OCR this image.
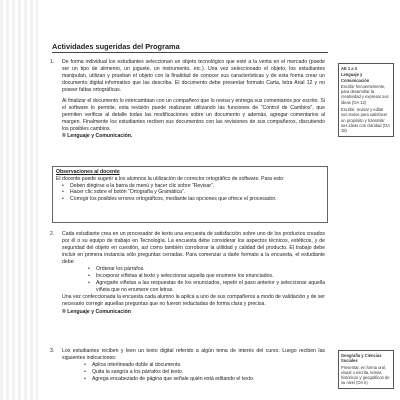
Actividades sugeridas del Programa
1.	De forma individual los estudiantes seleccionan un objeto tecnológico que esté a la venta en el mercado (puede ser un tipo de alimento, un juguete, un instrumento, etc.). Una vez seleccionado el objeto, los estudiantes manipulan, utilizan y prueban el objeto con la finalidad de conocer sus características y de esta forma crear un documento digital informativo que las describa. El documento debe presentar formato Carta, letra Arial 12 y no poseer faltas ortográficas.
Al finalizar el documento lo intercambian con un compañero que lo revisa y entrega sus comentarios por escrito. Si el software lo permite, esta revisión puede realizarse utilizando las funciones de “Control de Cambios”, que permiten verificar al detalle todas las modificaciones sobre un documento y además, agregar comentarios al margen. Finalmente los estudiantes reciben sus documentos con las revisiones de sus compañeros, discutiendo los posibles cambios.
® Lenguaje y Comunicación.
Observaciones al docente
El docente puede sugerir a los alumnos la utilización de corrector ortográfico de software. Para esto:
• Deben dirigirse a la barra de menú y hacer clic sobre “Revisar”.
• Hacer clic sobre el botón “Ortografía y Gramática”.
• Corregir los posibles errores ortográficos, mediante las opciones que ofrece el procesador.
2.	Cada estudiante crea en un procesador de texto una encuesta de satisfacción sobre uno de los productos creados por él o su equipo de trabajo en Tecnología. La encuesta debe considerar los aspectos técnicos, estéticos, y de seguridad del objeto en cuestión, así como también corroborar la utilidad y calidad del producto. El trabajo debe incluir en primera instancia sólo preguntas cerradas. Para comenzar a darle formato a la encuesta, el estudiante debe:
• Ordenar los párrafos.
• Incorporar viñetas al texto y seleccionar aquella que enumere los enunciados.
• Agregarle viñetas a las respuestas de los enunciados, repetir el paso anterior y seleccionar aquella viñeta que no enumere con letras.
Una vez confeccionada la encuesta cada alumno la aplica a uno de sus compañeros a modo de validación y de ser necesario corregir aquellas preguntas que no fueron redactadas de forma clara y precisa.
® Lenguaje y Comunicación
3.	Los estudiantes reciben y leen un texto digital referido a algún tema de interés del curso. Luego reciben las siguientes indicaciones:
• Aplica interlineado doble al documento.
• Quita la sangría a los párrafos del texto.
• Agrega encabezado de página que señale quién está editando el texto.
AE 1 a 3
Lenguaje y Comunicación
Escribir frecuentemente, para desarrollar la creatividad y expresar sus ideas (OA 13)
Escribir, revisar y editar sus textos para satisfacer un propósito y transmitir sus ideas con claridad (OA 18)
Geografía y Ciencias Sociales
Presentar, en forma oral, visual o escrita, temas históricos y geográficos de su nivel (OA k)
